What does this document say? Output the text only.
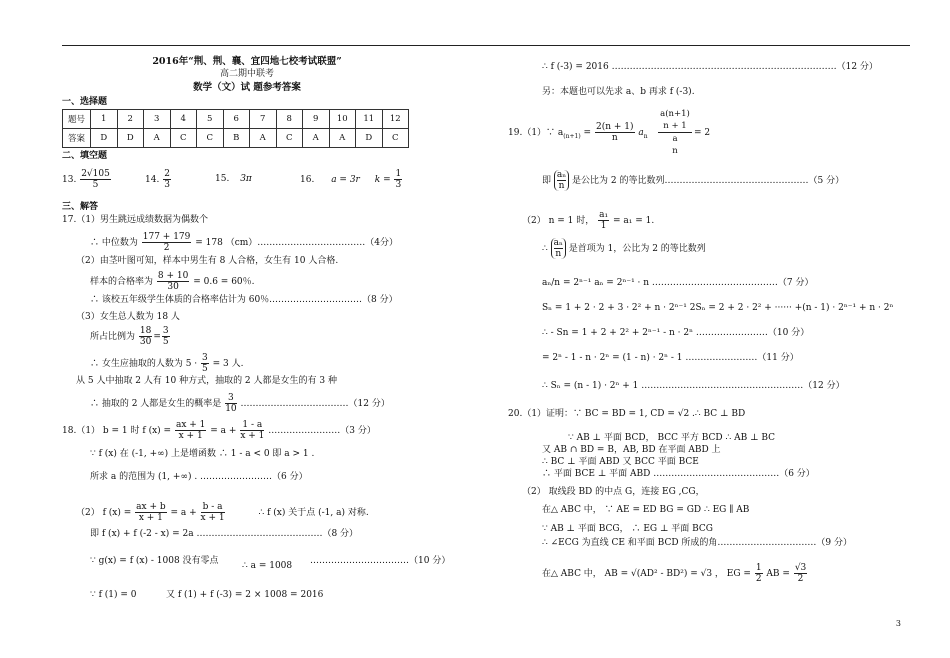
2016年“荆、荆、襄、宜四地七校考试联盟”
高二期中联考
数学（文）试 题参考答案
一、选择题
题号	1	2	3	4	5	6	7	8	9	10	11	12
答案	D	D	A	C	C	B	A	C	A	A	D	C
二、填空题
13. $\frac{2√105}{5}$	14. $\frac{2}{3}$	15. 3π	16. a = 3r $k = \frac{1}{3}$
三、解答
17.（1）男生跳远成绩数据为偶数个
∴ 中位数为 $\frac{177 + 179}{2} = 178$ （cm）………………………………（4分）
（2）由茎叶图可知，样本中男生有 8 人合格，女生有 10 人合格.
样本的合格率为 $\frac{8 + 10}{30} = 0.6 = 60$％.
∴ 该校五年级学生体质的合格率估计为 60％.…………………………（8 分）
（3）女生总人数为 18 人
所占比例为 $\frac{18}{30} = \frac{3}{5}$
∴ 女生应抽取的人数为 $5 \cdot \frac{3}{5} = 3$ 人.
从 5 人中抽取 2 人有 10 种方式，抽取的 2 人都是女生的有 3 种
∴ 抽取的 2 人都是女生的概率是 $\frac{3}{10}$ ………………………………（12 分）
18.（1） b = 1 时 f $(x) = \frac{ax + 1}{x + 1} = a + \frac{1 - a}{x + 1}$ ……………………（3 分）
∵ f (x) 在 (-1, +∞) 上是增函数 ∴ 1 - a < 0 即 a > 1 .
所求 a 的范围为 (1, +∞) . ……………………（6 分）
（2） f $(x) = \frac{ax + b}{x + 1} = a + \frac{b - a}{x + 1}$	∴ f (x) 关于点 (-1, a) 对称.
即 f (x) + f (-2 - x) = 2a ……………………………………（8 分）
∵ g(x) = f (x) - 1008 没有零点	∴ a = 1008 ……………………………（10 分）
∵ f (1) = 0	又 f (1) + f (-3) = 2 × 1008 = 2016
∴ f (-3) = 2016 …………………………………………………………………（12 分）
另：本题也可以先求 a、b 再求 f (-3).
19.（1）∵ $a_{(n+1)} = \frac{2(n + 1)}{n} a_n$
a(n+1)
n + 1
a
n
= 2
即 $\frac{\text{aₙ}}{n}$ 是公比为 2 的等比数列…………………………………………（5 分）
（2） n = 1 时， $\frac{\text{a₁}}{1} = a_1 = 1$.
∴ $\frac{\text{aₙ}}{n}$ 是首项为 1，公比为 2 的等比数列
aₙ/n = 2ⁿ⁻¹ aₙ = 2ⁿ⁻¹ · n ……………………………………（7 分）
Sₙ = 1 + 2 · 2 + 3 · 2² + n · 2ⁿ⁻¹ 2Sₙ = 2 + 2 · 2² + ······ +(n - 1) · 2ⁿ⁻¹ + n · 2ⁿ
∴ - Sn = 1 + 2 + 2² + 2ⁿ⁻¹ - n · 2ⁿ ……………………（10 分）
= 2ⁿ - 1 - n · 2ⁿ = (1 - n) · 2ⁿ - 1 ……………………（11 分）
∴ Sₙ = (n - 1) · 2ⁿ + 1 ………………………………………………（12 分）
20.（1）证明：∵ BC = BD = 1, CD = √2 .∴ BC ⊥ BD
∵ AB ⊥ 平面 BCD， BCC 平方 BCD ∴ AB ⊥ BC
又 AB ∩ BD = B，AB, BD 在平面 ABD 上
∴ BC ⊥ 平面 ABD 又 BCC 平面 BCE
∴ 平面 BCE ⊥ 平面 ABD ……………………………………（6 分）
（2） 取线段 BD 的中点 G，连接 EG ,CG，
在△ ABC 中， ∵ AE = ED BG = GD ∴ EG ∥ AB
∵ AB ⊥ 平面 BCG， ∴ EG ⊥ 平面 BCG
∴ ∠ECG 为直线 CE 和平面 BCD 所成的角……………………………（9 分）
在△ ABC 中， AB = √(AD² - BD²) = √3 ， EG = $\frac{1}{2}$ AB = $\frac{√3}{2}$
3
